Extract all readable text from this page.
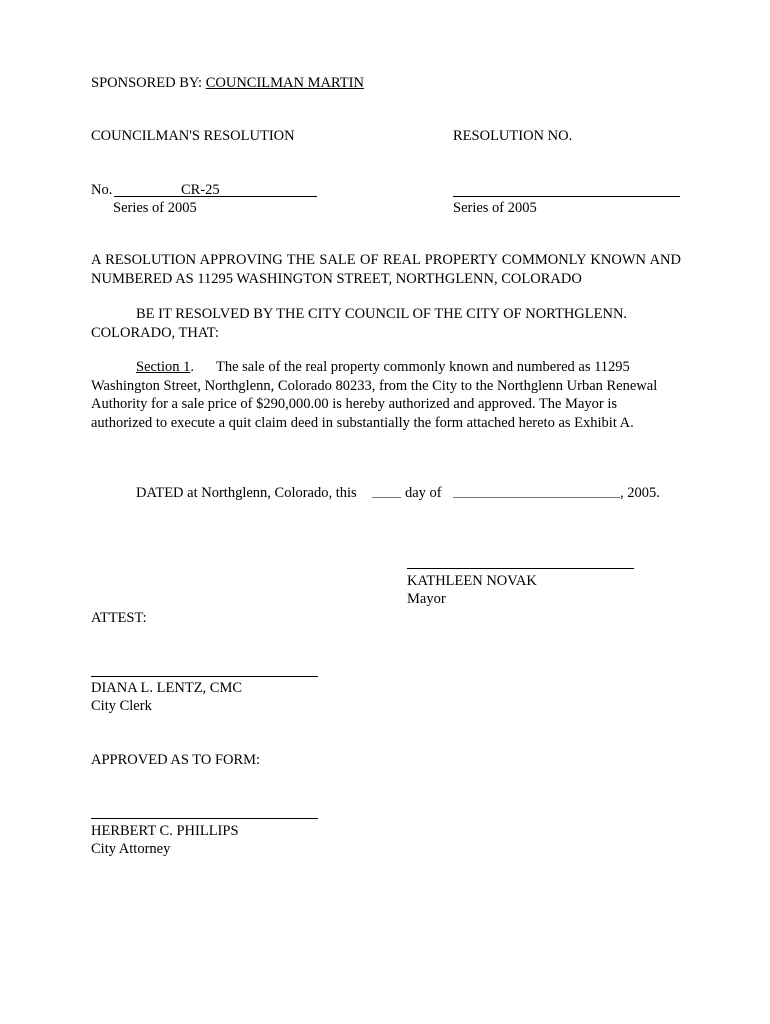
SPONSORED BY: COUNCILMAN MARTIN
COUNCILMAN'S RESOLUTION	RESOLUTION NO.
No.	CR-25
Series of 2005	Series of 2005
A RESOLUTION APPROVING THE SALE OF REAL PROPERTY COMMONLY KNOWN AND NUMBERED AS 11295 WASHINGTON STREET, NORTHGLENN, COLORADO
BE IT RESOLVED BY THE CITY COUNCIL OF THE CITY OF NORTHGLENN. COLORADO, THAT:
Section 1. The sale of the real property commonly known and numbered as 11295 Washington Street, Northglenn, Colorado 80233, from the City to the Northglenn Urban Renewal Authority for a sale price of $290,000.00 is hereby authorized and approved. The Mayor is authorized to execute a quit claim deed in substantially the form attached hereto as Exhibit A.
DATED at Northglenn, Colorado, this	day of	, 2005.
KATHLEEN NOVAK
Mayor
ATTEST:
DIANA L. LENTZ, CMC
City Clerk
APPROVED AS TO FORM:
HERBERT C. PHILLIPS
City Attorney
